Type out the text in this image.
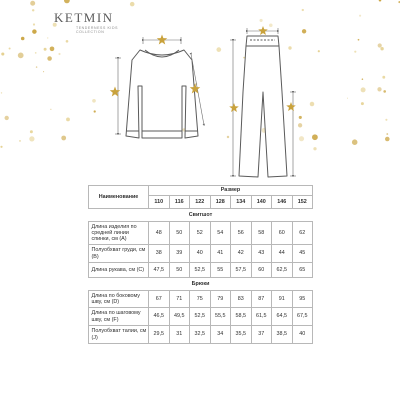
KETMIN
TENDERNESS KIDS
COLLECTION
Наименование	Размер							
	110	116	122	128	134	140	146	152
Свитшот								
Длина изделия по средней линии спинки, см (А)	48	50	52	54	56	58	60	62
Полуобхват груди, см (B)	38	39	40	41	42	43	44	45
Длина рукава, см (C)	47,5	50	52,5	55	57,5	60	62,5	65
Брюки								
Длина по боковому шву, см (D)	67	71	75	79	83	87	91	95
Длина по шаговому шву, см (F)	46,5	49,5	52,5	55,5	58,5	61,5	64,5	67,5
Полуобхват талии, см (J)	29,5	31	32,5	34	35,5	37	38,5	40
